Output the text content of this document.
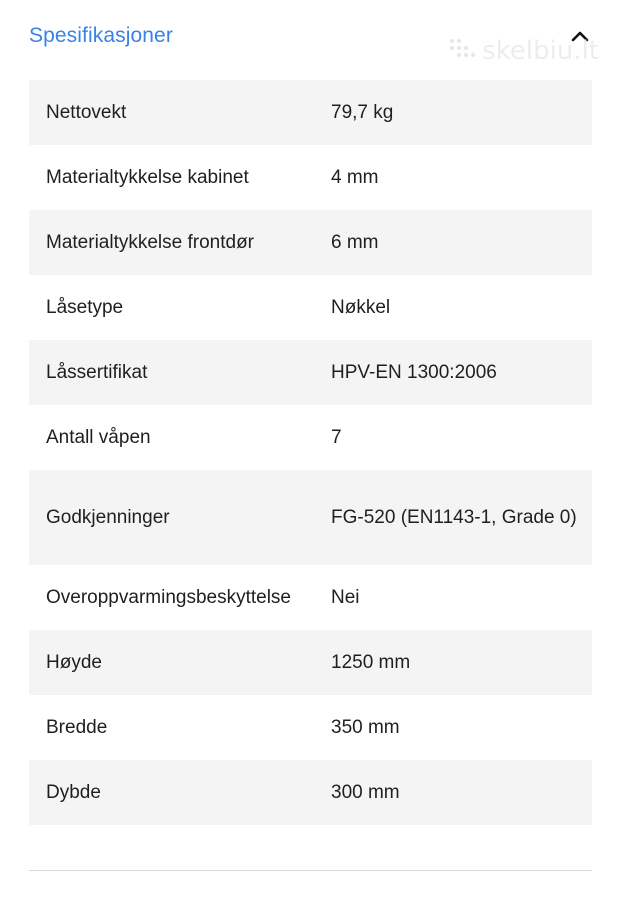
Spesifikasjoner
skelbiu.lt
Nettovekt	79,7 kg
Materialtykkelse kabinet	4 mm
Materialtykkelse frontdør	6 mm
Låsetype	Nøkkel
Låssertifikat	HPV-EN 1300:2006
Antall våpen	7
Godkjenninger	FG-520 (EN1143-1, Grade 0)
Overoppvarmingsbeskyttelse	Nei
Høyde	1250 mm
Bredde	350 mm
Dybde	300 mm
